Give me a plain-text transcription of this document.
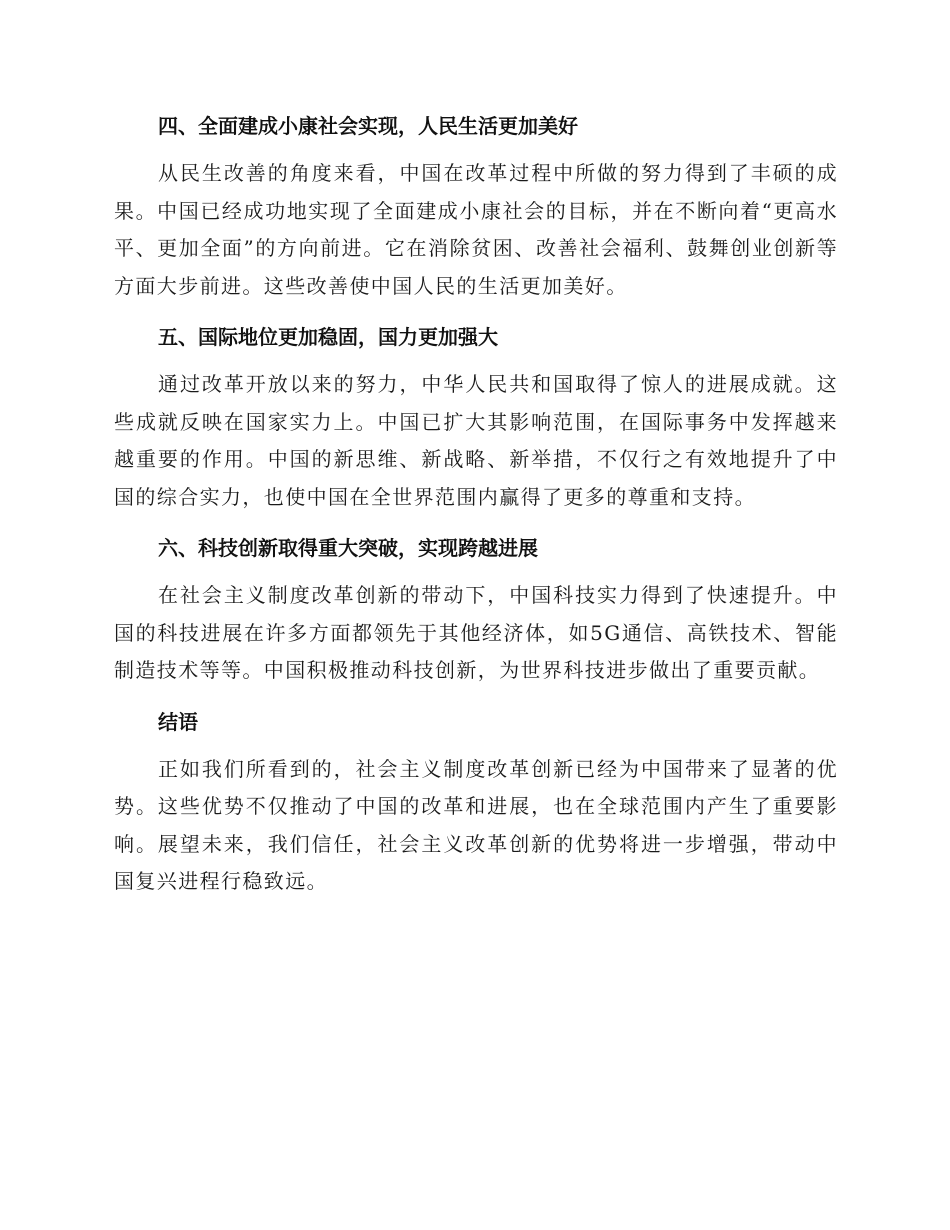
四、全面建成小康社会实现，人民生活更加美好

从民生改善的角度来看，中国在改革过程中所做的努力得到了丰硕的成果。中国已经成功地实现了全面建成小康社会的目标，并在不断向着“更高水平、更加全面”的方向前进。它在消除贫困、改善社会福利、鼓舞创业创新等方面大步前进。这些改善使中国人民的生活更加美好。

五、国际地位更加稳固，国力更加强大

通过改革开放以来的努力，中华人民共和国取得了惊人的进展成就。这些成就反映在国家实力上。中国已扩大其影响范围，在国际事务中发挥越来越重要的作用。中国的新思维、新战略、新举措，不仅行之有效地提升了中国的综合实力，也使中国在全世界范围内赢得了更多的尊重和支持。

六、科技创新取得重大突破，实现跨越进展

在社会主义制度改革创新的带动下，中国科技实力得到了快速提升。中国的科技进展在许多方面都领先于其他经济体，如5G通信、高铁技术、智能制造技术等等。中国积极推动科技创新，为世界科技进步做出了重要贡献。

结语

正如我们所看到的，社会主义制度改革创新已经为中国带来了显著的优势。这些优势不仅推动了中国的改革和进展，也在全球范围内产生了重要影响。展望未来，我们信任，社会主义改革创新的优势将进一步增强，带动中国复兴进程行稳致远。
